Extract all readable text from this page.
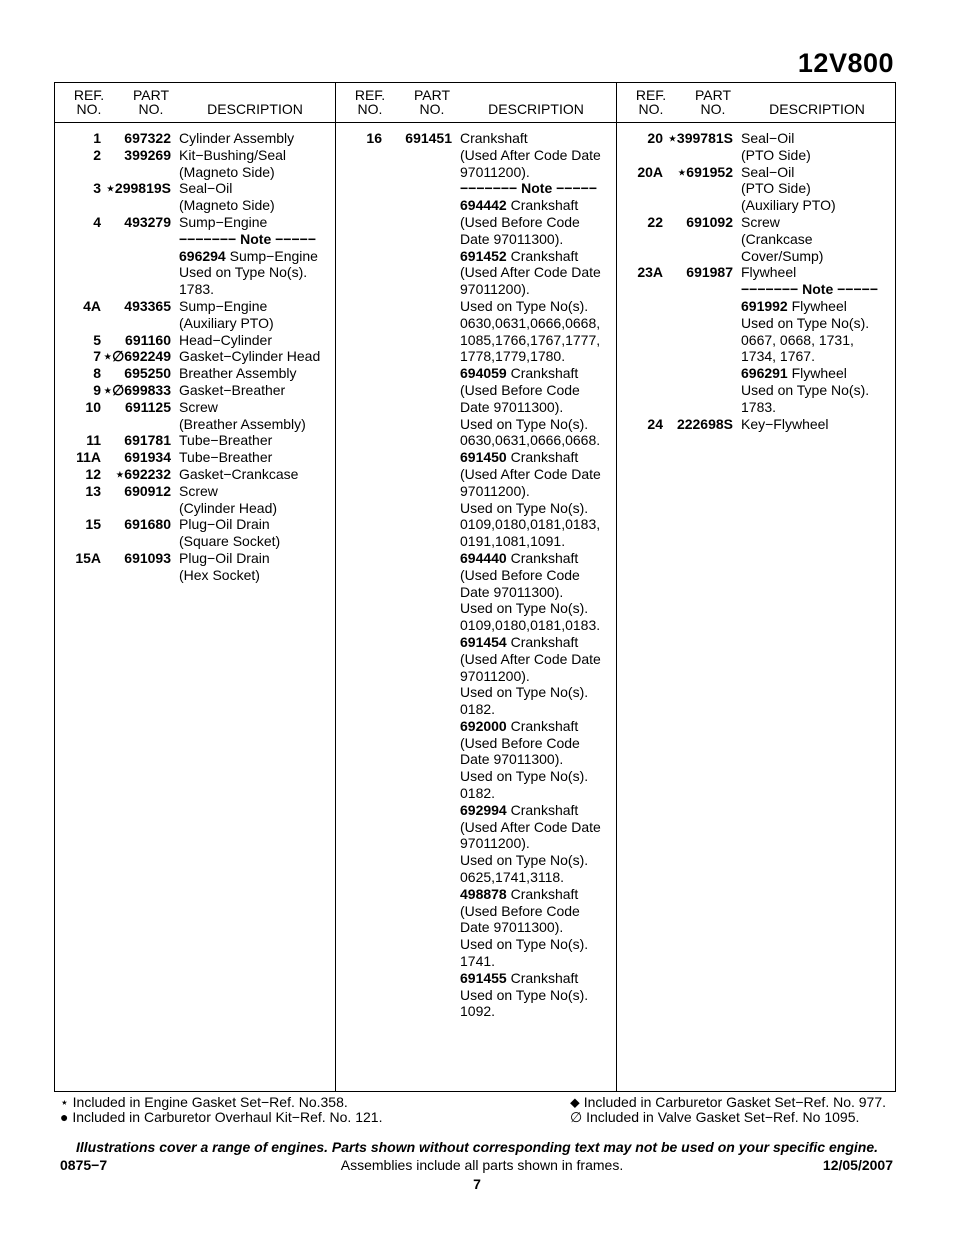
12V800
REF.
NO.
PART
NO.	DESCRIPTION
1	697322 Cylinder Assembly
2	399269 Kit−Bushing/Seal
(Magneto Side)
3 ⋆299819S Seal−Oil
(Magneto Side)
4	493279 Sump−Engine
−−−−−−− Note −−−−−
696294 Sump−Engine
Used on Type No(s).
1783.
4A	493365 Sump−Engine
(Auxiliary PTO)
5	691160 Head−Cylinder
7 ⋆∅692249 Gasket−Cylinder Head
8	695250 Breather Assembly
9 ⋆∅699833 Gasket−Breather
10	691125 Screw
(Breather Assembly)
11	691781 Tube−Breather
11A	691934 Tube−Breather
12	⋆692232 Gasket−Crankcase
13	690912 Screw
(Cylinder Head)
15	691680 Plug−Oil Drain
(Square Socket)
15A	691093 Plug−Oil Drain
(Hex Socket)
REF.
NO.
PART
NO.	DESCRIPTION
16	691451 Crankshaft
(Used After Code Date
97011200).
−−−−−−− Note −−−−−
694442 Crankshaft
(Used Before Code
Date 97011300).
691452 Crankshaft
(Used After Code Date
97011200).
Used on Type No(s).
0630,0631,0666,0668,
1085,1766,1767,1777,
1778,1779,1780.
694059 Crankshaft
(Used Before Code
Date 97011300).
Used on Type No(s).
0630,0631,0666,0668.
691450 Crankshaft
(Used After Code Date
97011200).
Used on Type No(s).
0109,0180,0181,0183,
0191,1081,1091.
694440 Crankshaft
(Used Before Code
Date 97011300).
Used on Type No(s).
0109,0180,0181,0183.
691454 Crankshaft
(Used After Code Date
97011200).
Used on Type No(s).
0182.
692000 Crankshaft
(Used Before Code
Date 97011300).
Used on Type No(s).
0182.
692994 Crankshaft
(Used After Code Date
97011200).
Used on Type No(s).
0625,1741,3118.
498878 Crankshaft
(Used Before Code
Date 97011300).
Used on Type No(s).
1741.
691455 Crankshaft
Used on Type No(s).
1092.
REF.
NO.
PART
NO.	DESCRIPTION
20 ⋆399781S Seal−Oil
(PTO Side)
20A	⋆691952 Seal−Oil
(PTO Side)
(Auxiliary PTO)
22	691092 Screw
(Crankcase
Cover/Sump)
23A	691987 Flywheel
−−−−−−− Note −−−−−
691992 Flywheel
Used on Type No(s).
0667, 0668, 1731,
1734, 1767.
696291 Flywheel
Used on Type No(s).
1783.
24 222698S Key−Flywheel
⋆ Included in Engine Gasket Set−Ref. No.358.
● Included in Carburetor Overhaul Kit−Ref. No. 121.
⬥ Included in Carburetor Gasket Set−Ref. No. 977.
∅ Included in Valve Gasket Set−Ref. No 1095.
Illustrations cover a range of engines. Parts shown without corresponding text may not be used on your specific engine.
0875−7	Assemblies include all parts shown in frames.	12/05/2007
7
